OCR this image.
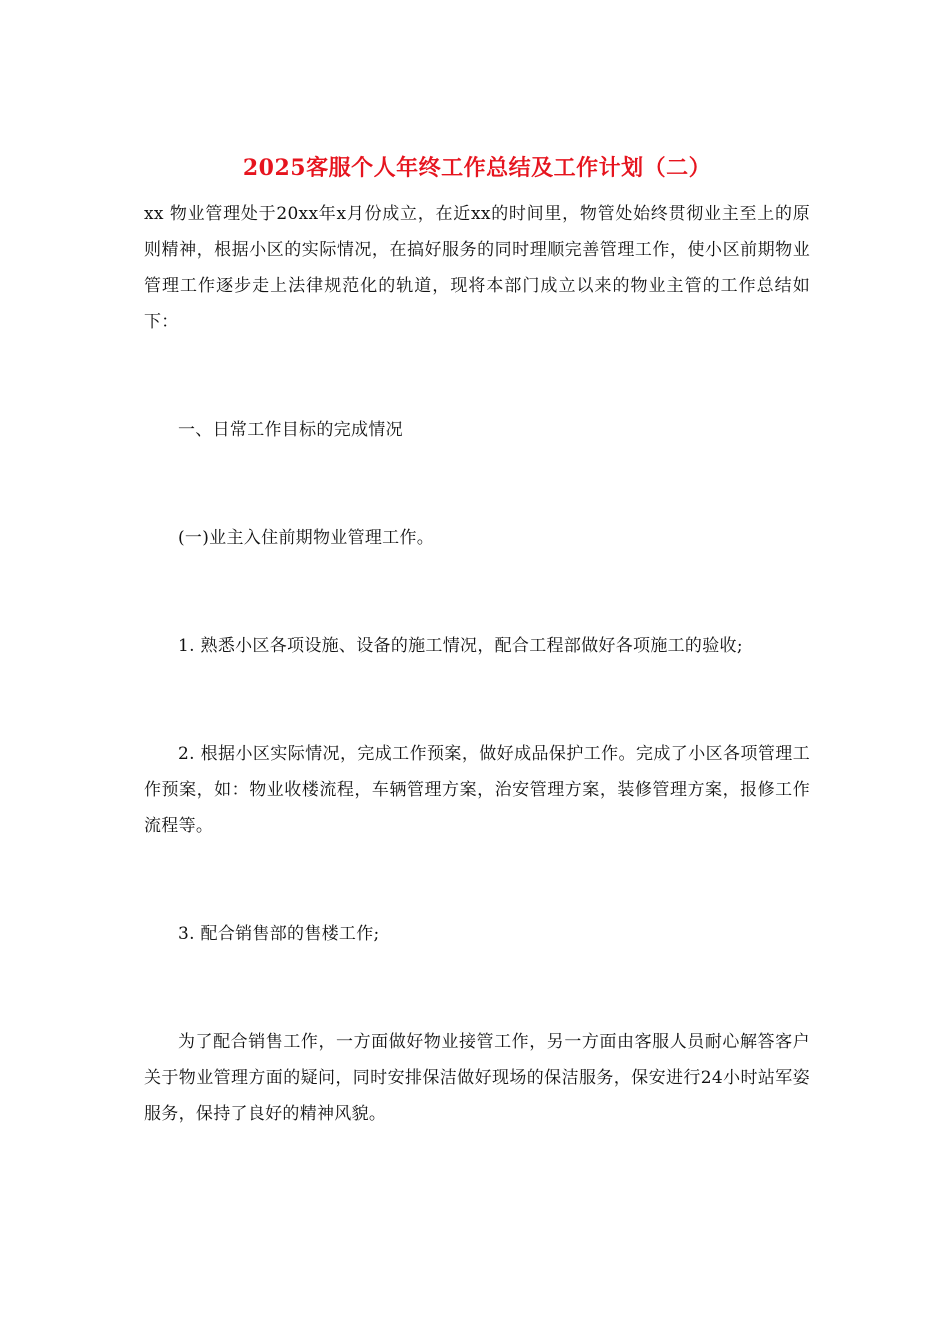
2025客服个人年终工作总结及工作计划（二）

xx 物业管理处于20xx年x月份成立，在近xx的时间里，物管处始终贯彻业主至上的原则精神，根据小区的实际情况，在搞好服务的同时理顺完善管理工作，使小区前期物业管理工作逐步走上法律规范化的轨道，现将本部门成立以来的物业主管的工作总结如下：

一、日常工作目标的完成情况

(一)业主入住前期物业管理工作。

1. 熟悉小区各项设施、设备的施工情况，配合工程部做好各项施工的验收;

2. 根据小区实际情况，完成工作预案，做好成品保护工作。完成了小区各项管理工作预案，如：物业收楼流程，车辆管理方案，治安管理方案，装修管理方案，报修工作流程等。

3. 配合销售部的售楼工作;

为了配合销售工作，一方面做好物业接管工作，另一方面由客服人员耐心解答客户关于物业管理方面的疑问，同时安排保洁做好现场的保洁服务，保安进行24小时站军姿服务，保持了良好的精神风貌。
